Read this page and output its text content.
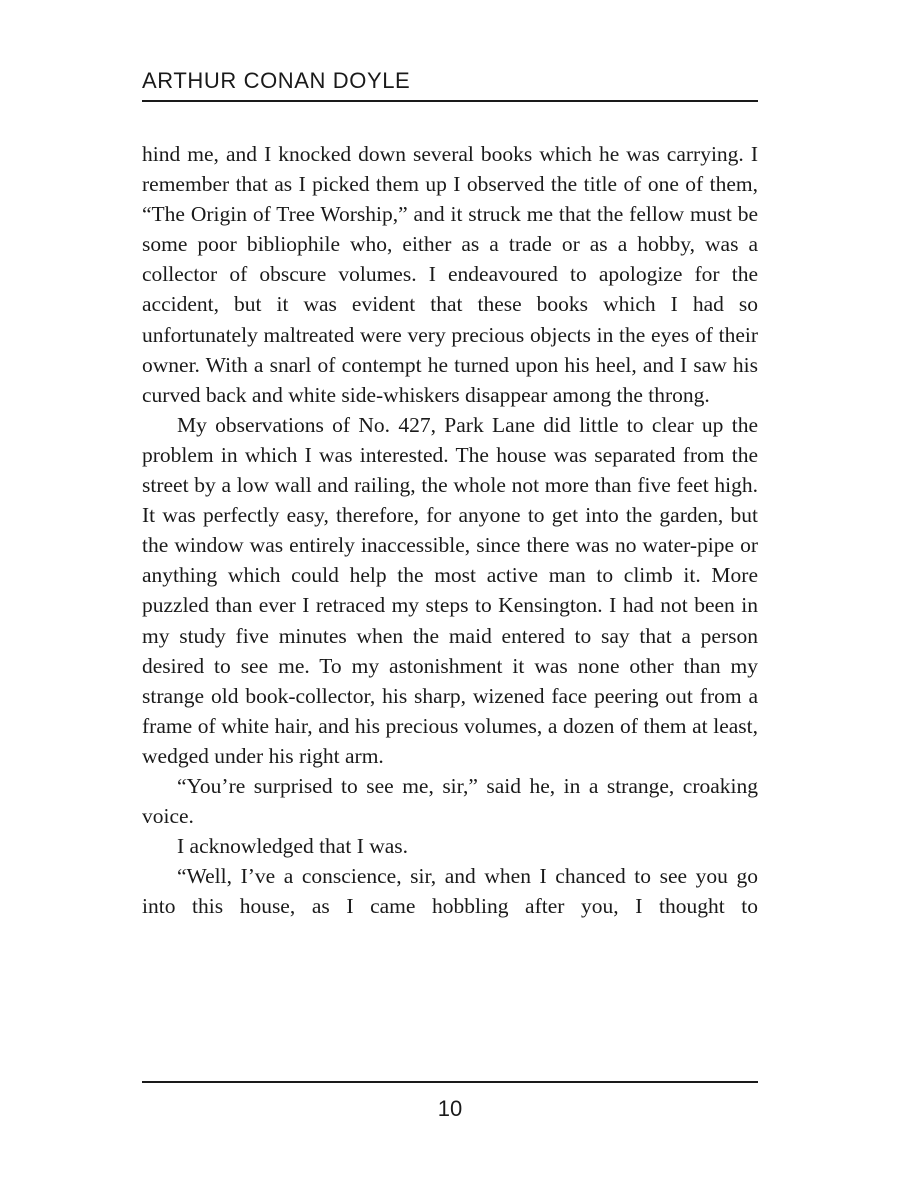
ARTHUR CONAN DOYLE

hind me, and I knocked down several books which he was carrying. I remember that as I picked them up I observed the title of one of them, “The Origin of Tree Worship,” and it struck me that the fellow must be some poor bibliophile who, either as a trade or as a hobby, was a collector of obscure volumes. I endeavoured to apologize for the accident, but it was evident that these books which I had so unfortunately maltreated were very precious objects in the eyes of their owner. With a snarl of contempt he turned upon his heel, and I saw his curved back and white side-whiskers disappear among the throng.

My observations of No. 427, Park Lane did little to clear up the problem in which I was interested. The house was separated from the street by a low wall and railing, the whole not more than five feet high. It was perfectly easy, therefore, for anyone to get into the garden, but the window was entirely inaccessible, since there was no water-pipe or anything which could help the most active man to climb it. More puzzled than ever I retraced my steps to Kensington. I had not been in my study five minutes when the maid entered to say that a person desired to see me. To my astonishment it was none other than my strange old book-collector, his sharp, wizened face peering out from a frame of white hair, and his precious volumes, a dozen of them at least, wedged under his right arm.

“You’re surprised to see me, sir,” said he, in a strange, croaking voice.

I acknowledged that I was.

“Well, I’ve a conscience, sir, and when I chanced to see you go into this house, as I came hobbling after you, I thought to

10
